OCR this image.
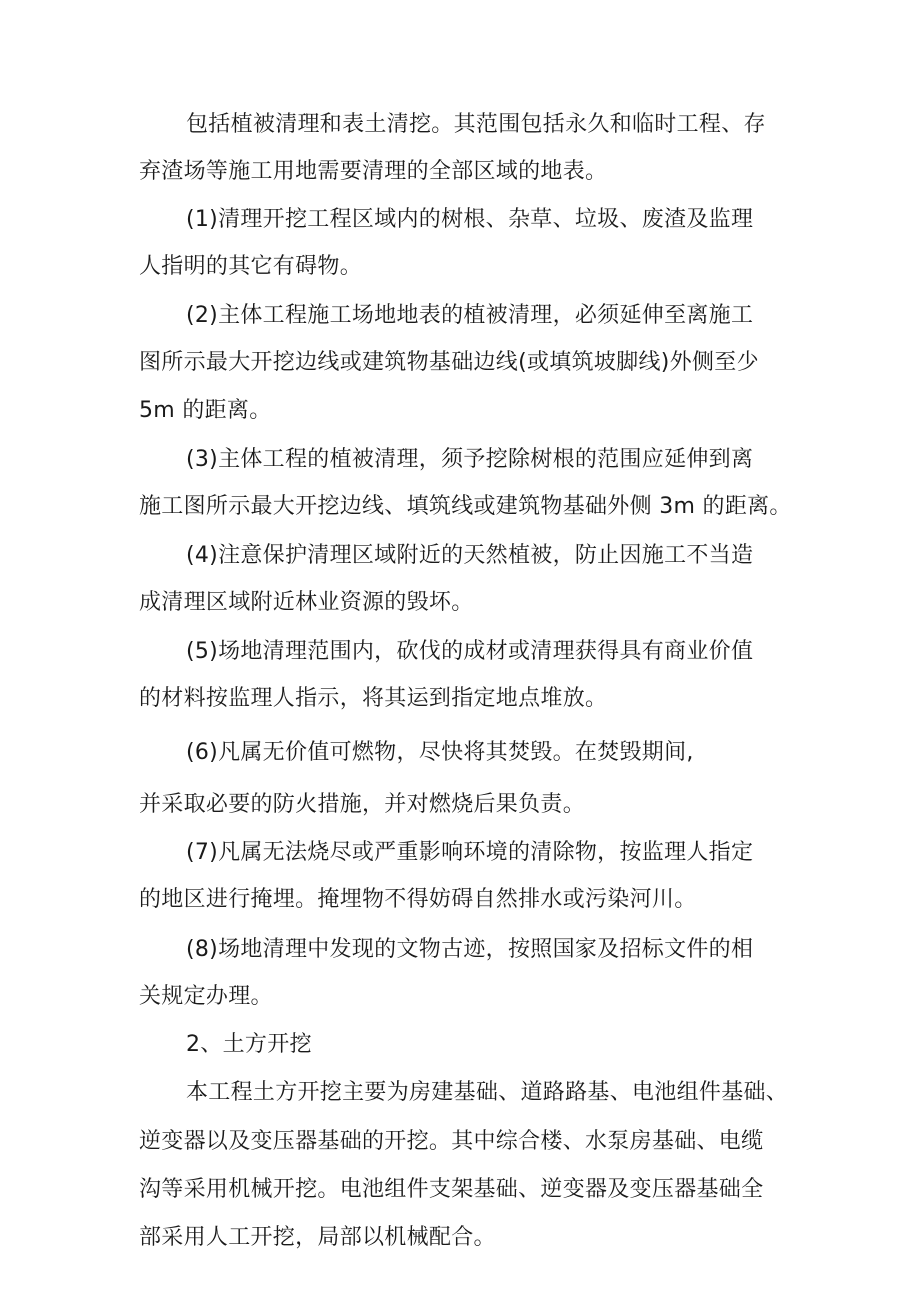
包括植被清理和表土清挖。其范围包括永久和临时工程、存
弃渣场等施工用地需要清理的全部区域的地表。
(1)清理开挖工程区域内的树根、杂草、垃圾、废渣及监理
人指明的其它有碍物。
(2)主体工程施工场地地表的植被清理，必须延伸至离施工
图所示最大开挖边线或建筑物基础边线(或填筑坡脚线)外侧至少
5m 的距离。
(3)主体工程的植被清理，须予挖除树根的范围应延伸到离
施工图所示最大开挖边线、填筑线或建筑物基础外侧 3m 的距离。
(4)注意保护清理区域附近的天然植被，防止因施工不当造
成清理区域附近林业资源的毁坏。
(5)场地清理范围内，砍伐的成材或清理获得具有商业价值
的材料按监理人指示，将其运到指定地点堆放。
(6)凡属无价值可燃物，尽快将其焚毁。在焚毁期间,
并采取必要的防火措施，并对燃烧后果负责。
(7)凡属无法烧尽或严重影响环境的清除物，按监理人指定
的地区进行掩埋。掩埋物不得妨碍自然排水或污染河川。
(8)场地清理中发现的文物古迹，按照国家及招标文件的相
关规定办理。
2、土方开挖
本工程土方开挖主要为房建基础、道路路基、电池组件基础、
逆变器以及变压器基础的开挖。其中综合楼、水泵房基础、电缆
沟等采用机械开挖。电池组件支架基础、逆变器及变压器基础全
部采用人工开挖，局部以机械配合。
